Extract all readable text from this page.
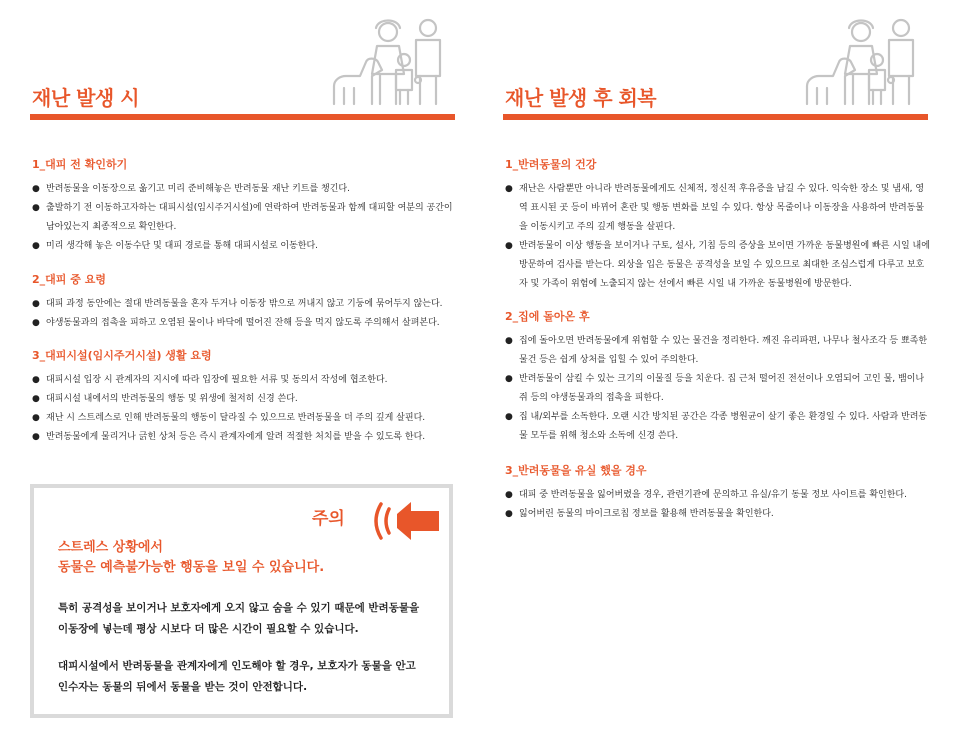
재난 발생 시
1_대피 전 확인하기
● 반려동물을 이동장으로 옮기고 미리 준비해놓은 반려동물 재난 키트를 챙긴다.
● 출발하기 전 이동하고자하는 대피시설(임시주거시설)에 연락하여 반려동물과 함께 대피할 여분의 공간이 남아있는지 최종적으로 확인한다.
● 미리 생각해 놓은 이동수단 및 대피 경로를 통해 대피시설로 이동한다.
2_대피 중 요령
● 대피 과정 동안에는 절대 반려동물을 혼자 두거나 이동장 밖으로 꺼내지 않고 기둥에 묶어두지 않는다.
● 야생동물과의 접촉을 피하고 오염된 물이나 바닥에 떨어진 잔해 등을 먹지 않도록 주의해서 살펴본다.
3_대피시설(임시주거시설) 생활 요령
● 대피시설 입장 시 관계자의 지시에 따라 입장에 필요한 서류 및 동의서 작성에 협조한다.
● 대피시설 내에서의 반려동물의 행동 및 위생에 철저히 신경 쓴다.
● 재난 시 스트레스로 인해 반려동물의 행동이 달라질 수 있으므로 반려동물을 더 주의 깊게 살핀다.
● 반려동물에게 물리거나 긁힌 상처 등은 즉시 관계자에게 알려 적절한 처치를 받을 수 있도록 한다.
주의
스트레스 상황에서
동물은 예측불가능한 행동을 보일 수 있습니다.
특히 공격성을 보이거나 보호자에게 오지 않고 숨을 수 있기 때문에 반려동물을
이동장에 넣는데 평상 시보다 더 많은 시간이 필요할 수 있습니다.
대피시설에서 반려동물을 관계자에게 인도해야 할 경우, 보호자가 동물을 안고
인수자는 동물의 뒤에서 동물을 받는 것이 안전합니다.
재난 발생 후 회복
1_반려동물의 건강
● 재난은 사람뿐만 아니라 반려동물에게도 신체적, 정신적 후유증을 남길 수 있다. 익숙한 장소 및 냄새, 영역 표시된 곳 등이 바뀌어 혼란 및 행동 변화를 보일 수 있다. 항상 목줄이나 이동장을 사용하여 반려동물을 이동시키고 주의 깊게 행동을 살핀다.
● 반려동물이 이상 행동을 보이거나 구토, 설사, 기침 등의 증상을 보이면 가까운 동물병원에 빠른 시일 내에 방문하여 검사를 받는다. 외상을 입은 동물은 공격성을 보일 수 있으므로 최대한 조심스럽게 다루고 보호자 및 가족이 위험에 노출되지 않는 선에서 빠른 시일 내 가까운 동물병원에 방문한다.
2_집에 돌아온 후
● 집에 돌아오면 반려동물에게 위험할 수 있는 물건을 정리한다. 깨진 유리파편, 나무나 철사조각 등 뾰족한 물건 등은 쉽게 상처를 입힐 수 있어 주의한다.
● 반려동물이 삼킬 수 있는 크기의 이물질 등을 치운다. 집 근처 떨어진 전선이나 오염되어 고인 물, 뱀이나 쥐 등의 야생동물과의 접촉을 피한다.
● 집 내/외부를 소독한다. 오랜 시간 방치된 공간은 각종 병원균이 살기 좋은 환경일 수 있다. 사람과 반려동물 모두를 위해 청소와 소독에 신경 쓴다.
3_반려동물을 유실 했을 경우
● 대피 중 반려동물을 잃어버렸을 경우, 관련기관에 문의하고 유실/유기 동물 정보 사이트를 확인한다.
● 잃어버린 동물의 마이크로칩 정보를 활용해 반려동물을 확인한다.
